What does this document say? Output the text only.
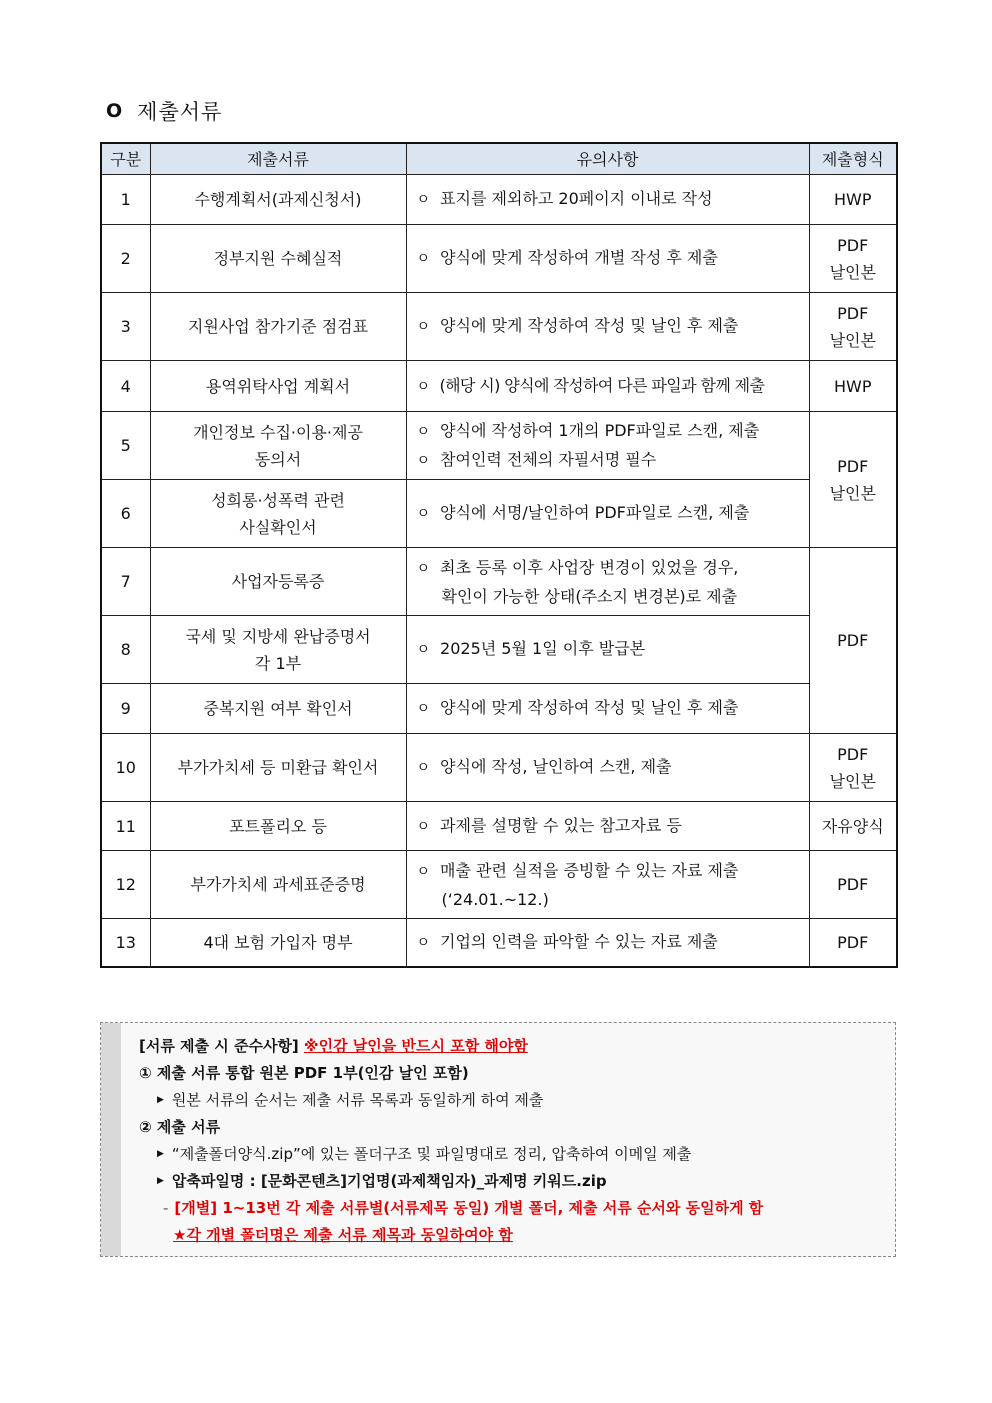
O 제출서류
구분	제출서류	유의사항	제출형식
1	수행계획서(과제신청서)	ㅇ 표지를 제외하고 20페이지 이내로 작성	HWP
2	정부지원 수혜실적	ㅇ 양식에 맞게 작성하여 개별 작성 후 제출	PDF
날인본

3	지원사업 참가기준 점검표	ㅇ 양식에 맞게 작성하여 작성 및 날인 후 제출	PDF
날인본

4	용역위탁사업 계획서	ㅇ (해당 시) 양식에 작성하여 다른 파일과 함께 제출	HWP
5	개인정보 수집·이용·제공
동의서	ㅇ 양식에 작성하여 1개의 PDF파일로 스캔, 제출
ㅇ 참여인력 전체의 자필서명 필수	PDF
날인본

6	성희롱·성폭력 관련
사실확인서	ㅇ 양식에 서명/날인하여 PDF파일로 스캔, 제출	
7	사업자등록증	ㅇ 최초 등록 이후 사업장 변경이 있었을 경우,
확인이 가능한 상태(주소지 변경본)로 제출	PDF
8	국세 및 지방세 완납증명서
각 1부	ㅇ 2025년 5월 1일 이후 발급본	
9	중복지원 여부 확인서	ㅇ 양식에 맞게 작성하여 작성 및 날인 후 제출	
10	부가가치세 등 미환급 확인서	ㅇ 양식에 작성, 날인하여 스캔, 제출	PDF
날인본

11	포트폴리오 등	ㅇ 과제를 설명할 수 있는 참고자료 등	자유양식
12	부가가치세 과세표준증명	ㅇ 매출 관련 실적을 증빙할 수 있는 자료 제출
(‘24.01.~12.)	PDF
13	4대 보험 가입자 명부	ㅇ 기업의 인력을 파악할 수 있는 자료 제출	PDF
[서류 제출 시 준수사항] ※인감 날인을 반드시 포함 해야함
① 제출 서류 통합 원본 PDF 1부(인감 날인 포함)
▶ 원본 서류의 순서는 제출 서류 목록과 동일하게 하여 제출
② 제출 서류
▶ “제출폴더양식.zip”에 있는 폴더구조 및 파일명대로 정리, 압축하여 이메일 제출
▶ 압축파일명 : [문화콘텐츠]기업명(과제책임자)_과제명 키워드.zip
- [개별] 1~13번 각 제출 서류별(서류제목 동일) 개별 폴더, 제출 서류 순서와 동일하게 함
★각 개별 폴더명은 제출 서류 제목과 동일하여야 함
